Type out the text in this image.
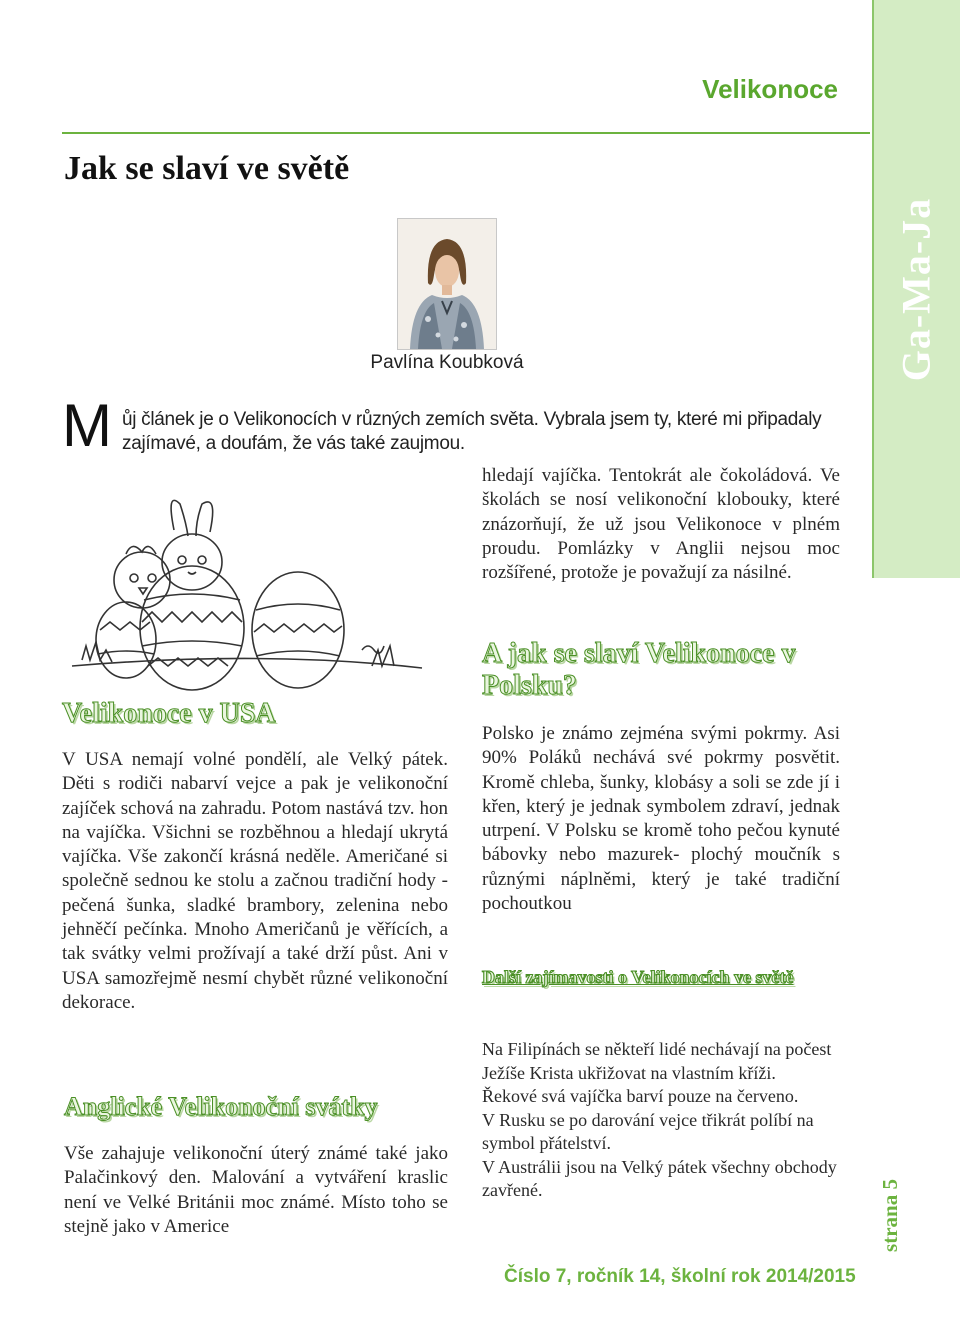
Ga-Ma-Ja
strana 5
Velikonoce
Jak se slaví ve světě
Pavlína Koubková
M ůj článek je o Velikonocích v různých zemích světa. Vybrala jsem ty, které mi připadaly zajímavé, a doufám, že vás také zaujmou.
Velikonoce v USA
V USA nemají volné pondělí, ale Velký pátek. Děti s rodiči nabarví vejce a pak je velikonoční zajíček schová na zahradu. Potom nastává tzv. hon na vajíčka. Všichni se rozběhnou a hledají ukrytá vajíčka. Vše zakončí krásná neděle. Američané si společně sednou ke stolu a začnou tradiční hody - pečená šunka, sladké brambory, zelenina nebo jehněčí pečínka. Mnoho Američanů je věřících, a tak svátky velmi prožívají a také drží půst. Ani v USA samozřejmě nesmí chybět různé velikonoční dekorace.
Anglické Velikonoční svátky
Vše zahajuje velikonoční úterý známé také jako Palačinkový den. Malování a vytváření kraslic není ve Velké Británii moc známé. Místo toho se stejně jako v Americe
hledají vajíčka. Tentokrát ale čokoládová. Ve školách se nosí velikonoční klobouky, které znázorňují, že už jsou Velikonoce v plném proudu. Pomlázky v Anglii nejsou moc rozšířené, protože je považují za násilné.
A jak se slaví Velikonoce v Polsku?
Polsko je známo zejména svými pokrmy. Asi 90% Poláků nechává své pokrmy posvětit. Kromě chleba, šunky, klobásy a soli se zde jí i křen, který je jednak symbolem zdraví, jednak utrpení. V Polsku se kromě toho pečou kynuté bábovky nebo mazurek- plochý moučník s různými náplněmi, který je také tradiční pochoutkou
Další zajímavosti o Velikonocích ve světě
Na Filipínách se někteří lidé nechávají na počest Ježíše Krista ukřižovat na vlastním kříži.
Řekové svá vajíčka barví pouze na červeno.
V Rusku se po darování vejce třikrát políbí na symbol přátelství.
V Austrálii jsou na Velký pátek všechny obchody zavřené.
Číslo 7, ročník 14, školní rok 2014/2015
